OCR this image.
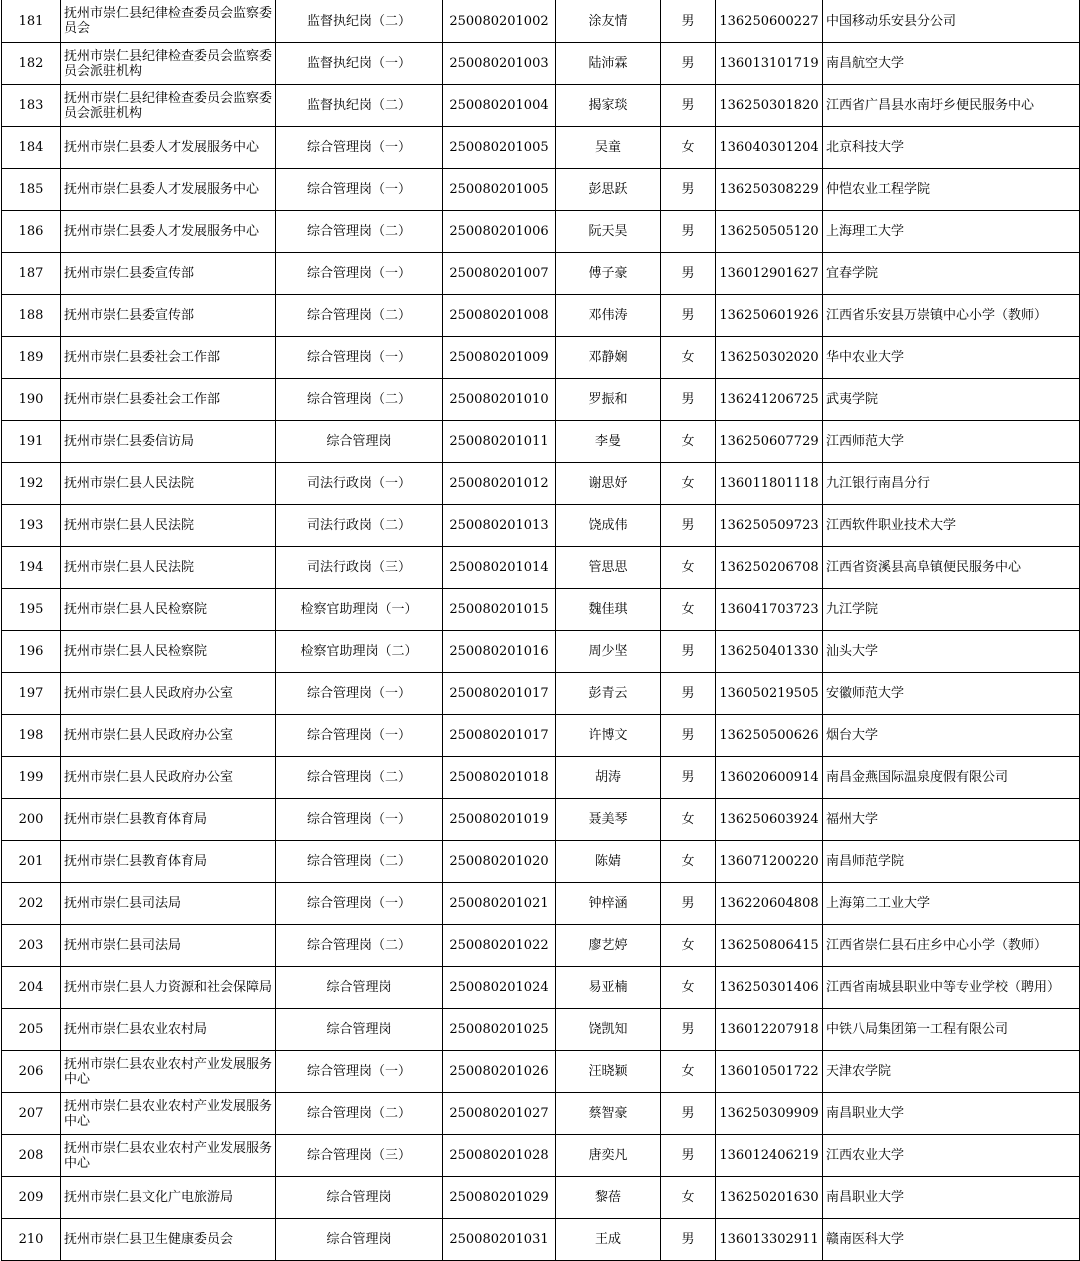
181	抚州市崇仁县纪律检查委员会监察委员会	监督执纪岗（二）	250080201002	涂友情	男	136250600227	中国移动乐安县分公司
182	抚州市崇仁县纪律检查委员会监察委员会派驻机构	监督执纪岗（一）	250080201003	陆沛霖	男	136013101719	南昌航空大学
183	抚州市崇仁县纪律检查委员会监察委员会派驻机构	监督执纪岗（二）	250080201004	揭家琰	男	136250301820	江西省广昌县水南圩乡便民服务中心
184	抚州市崇仁县委人才发展服务中心	综合管理岗（一）	250080201005	吴童	女	136040301204	北京科技大学
185	抚州市崇仁县委人才发展服务中心	综合管理岗（一）	250080201005	彭思跃	男	136250308229	仲恺农业工程学院
186	抚州市崇仁县委人才发展服务中心	综合管理岗（二）	250080201006	阮天昊	男	136250505120	上海理工大学
187	抚州市崇仁县委宣传部	综合管理岗（一）	250080201007	傅子豪	男	136012901627	宜春学院
188	抚州市崇仁县委宣传部	综合管理岗（二）	250080201008	邓伟涛	男	136250601926	江西省乐安县万崇镇中心小学（教师）
189	抚州市崇仁县委社会工作部	综合管理岗（一）	250080201009	邓静娴	女	136250302020	华中农业大学
190	抚州市崇仁县委社会工作部	综合管理岗（二）	250080201010	罗振和	男	136241206725	武夷学院
191	抚州市崇仁县委信访局	综合管理岗	250080201011	李曼	女	136250607729	江西师范大学
192	抚州市崇仁县人民法院	司法行政岗（一）	250080201012	谢思妤	女	136011801118	九江银行南昌分行
193	抚州市崇仁县人民法院	司法行政岗（二）	250080201013	饶成伟	男	136250509723	江西软件职业技术大学
194	抚州市崇仁县人民法院	司法行政岗（三）	250080201014	管思思	女	136250206708	江西省资溪县高阜镇便民服务中心
195	抚州市崇仁县人民检察院	检察官助理岗（一）	250080201015	魏佳琪	女	136041703723	九江学院
196	抚州市崇仁县人民检察院	检察官助理岗（二）	250080201016	周少坚	男	136250401330	汕头大学
197	抚州市崇仁县人民政府办公室	综合管理岗（一）	250080201017	彭青云	男	136050219505	安徽师范大学
198	抚州市崇仁县人民政府办公室	综合管理岗（一）	250080201017	许博文	男	136250500626	烟台大学
199	抚州市崇仁县人民政府办公室	综合管理岗（二）	250080201018	胡涛	男	136020600914	南昌金燕国际温泉度假有限公司
200	抚州市崇仁县教育体育局	综合管理岗（一）	250080201019	聂美琴	女	136250603924	福州大学
201	抚州市崇仁县教育体育局	综合管理岗（二）	250080201020	陈婧	女	136071200220	南昌师范学院
202	抚州市崇仁县司法局	综合管理岗（一）	250080201021	钟梓涵	男	136220604808	上海第二工业大学
203	抚州市崇仁县司法局	综合管理岗（二）	250080201022	廖艺婷	女	136250806415	江西省崇仁县石庄乡中心小学（教师）
204	抚州市崇仁县人力资源和社会保障局	综合管理岗	250080201024	易亚楠	女	136250301406	江西省南城县职业中等专业学校（聘用）
205	抚州市崇仁县农业农村局	综合管理岗	250080201025	饶凯知	男	136012207918	中铁八局集团第一工程有限公司
206	抚州市崇仁县农业农村产业发展服务中心	综合管理岗（一）	250080201026	汪晓颖	女	136010501722	天津农学院
207	抚州市崇仁县农业农村产业发展服务中心	综合管理岗（二）	250080201027	蔡智豪	男	136250309909	南昌职业大学
208	抚州市崇仁县农业农村产业发展服务中心	综合管理岗（三）	250080201028	唐奕凡	男	136012406219	江西农业大学
209	抚州市崇仁县文化广电旅游局	综合管理岗	250080201029	黎蓓	女	136250201630	南昌职业大学
210	抚州市崇仁县卫生健康委员会	综合管理岗	250080201031	王成	男	136013302911	赣南医科大学
